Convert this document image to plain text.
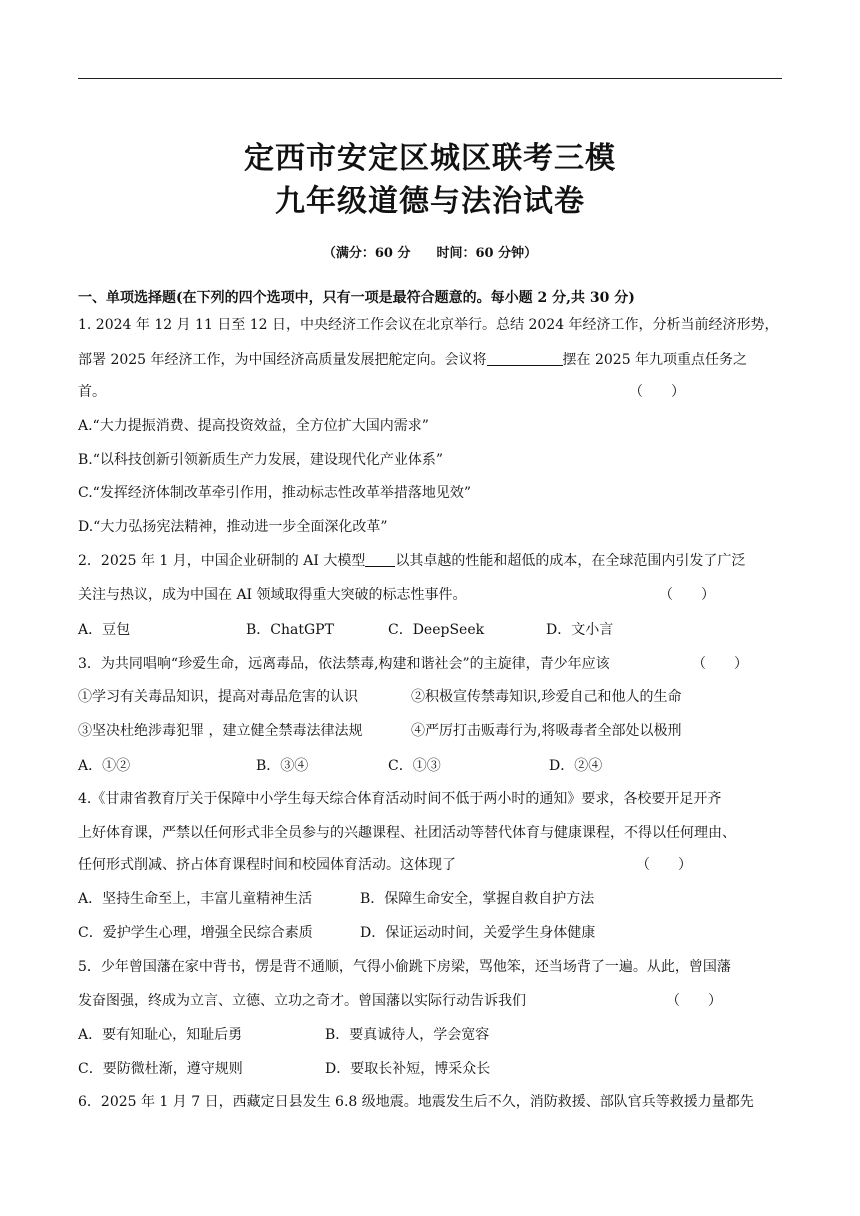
定西市安定区城区联考三模
九年级道德与法治试卷
（满分：60 分 时间：60 分钟）
一、单项选择题(在下列的四个选项中，只有一项是最符合题意的。每小题 2 分,共 30 分)
1. 2024 年 12 月 11 日至 12 日，中央经济工作会议在北京举行。总结 2024 年经济工作，分析当前经济形势，
部署 2025 年经济工作，为中国经济高质量发展把舵定向。会议将	摆在 2025 年九项重点任务之
首。	（　　）
A.“大力提振消费、提高投资效益，全方位扩大国内需求”
B.“以科技创新引领新质生产力发展，建设现代化产业体系”
C.“发挥经济体制改革牵引作用，推动标志性改革举措落地见效”
D.“大力弘扬宪法精神，推动进一步全面深化改革”
2．2025 年 1 月，中国企业研制的 AI 大模型 以其卓越的性能和超低的成本，在全球范围内引发了广泛
关注与热议，成为中国在 AI 领域取得重大突破的标志性事件。	（　　）
A．豆包	B．ChatGPT	C．DeepSeek	D．文小言
3．为共同唱响“珍爱生命，远离毒品，依法禁毒,构建和谐社会”的主旋律，青少年应该	（　　）
①学习有关毒品知识，提高对毒品危害的认识	②积极宣传禁毒知识,珍爱自己和他人的生命
③坚决杜绝涉毒犯罪 ，建立健全禁毒法律法规	④严厉打击贩毒行为,将吸毒者全部处以极刑
A．①②	B．③④	C．①③	D．②④
4.《甘肃省教育厅关于保障中小学生每天综合体育活动时间不低于两小时的通知》要求，各校要开足开齐
上好体育课，严禁以任何形式非全员参与的兴趣课程、社团活动等替代体育与健康课程，不得以任何理由、
任何形式削减、挤占体育课程时间和校园体育活动。这体现了	（　　）
A．坚持生命至上，丰富儿童精神生活	B．保障生命安全，掌握自救自护方法
C．爱护学生心理，增强全民综合素质	D．保证运动时间，关爱学生身体健康
5．少年曾国藩在家中背书，愣是背不通顺，气得小偷跳下房梁，骂他笨，还当场背了一遍。从此，曾国藩
发奋图强，终成为立言、立德、立功之奇才。曾国藩以实际行动告诉我们	（　　）
A．要有知耻心，知耻后勇	B．要真诚待人，学会宽容
C．要防微杜渐，遵守规则	D．要取长补短，博采众长
6．2025 年 1 月 7 日，西藏定日县发生 6.8 级地震。地震发生后不久，消防救援、部队官兵等救援力量都先
